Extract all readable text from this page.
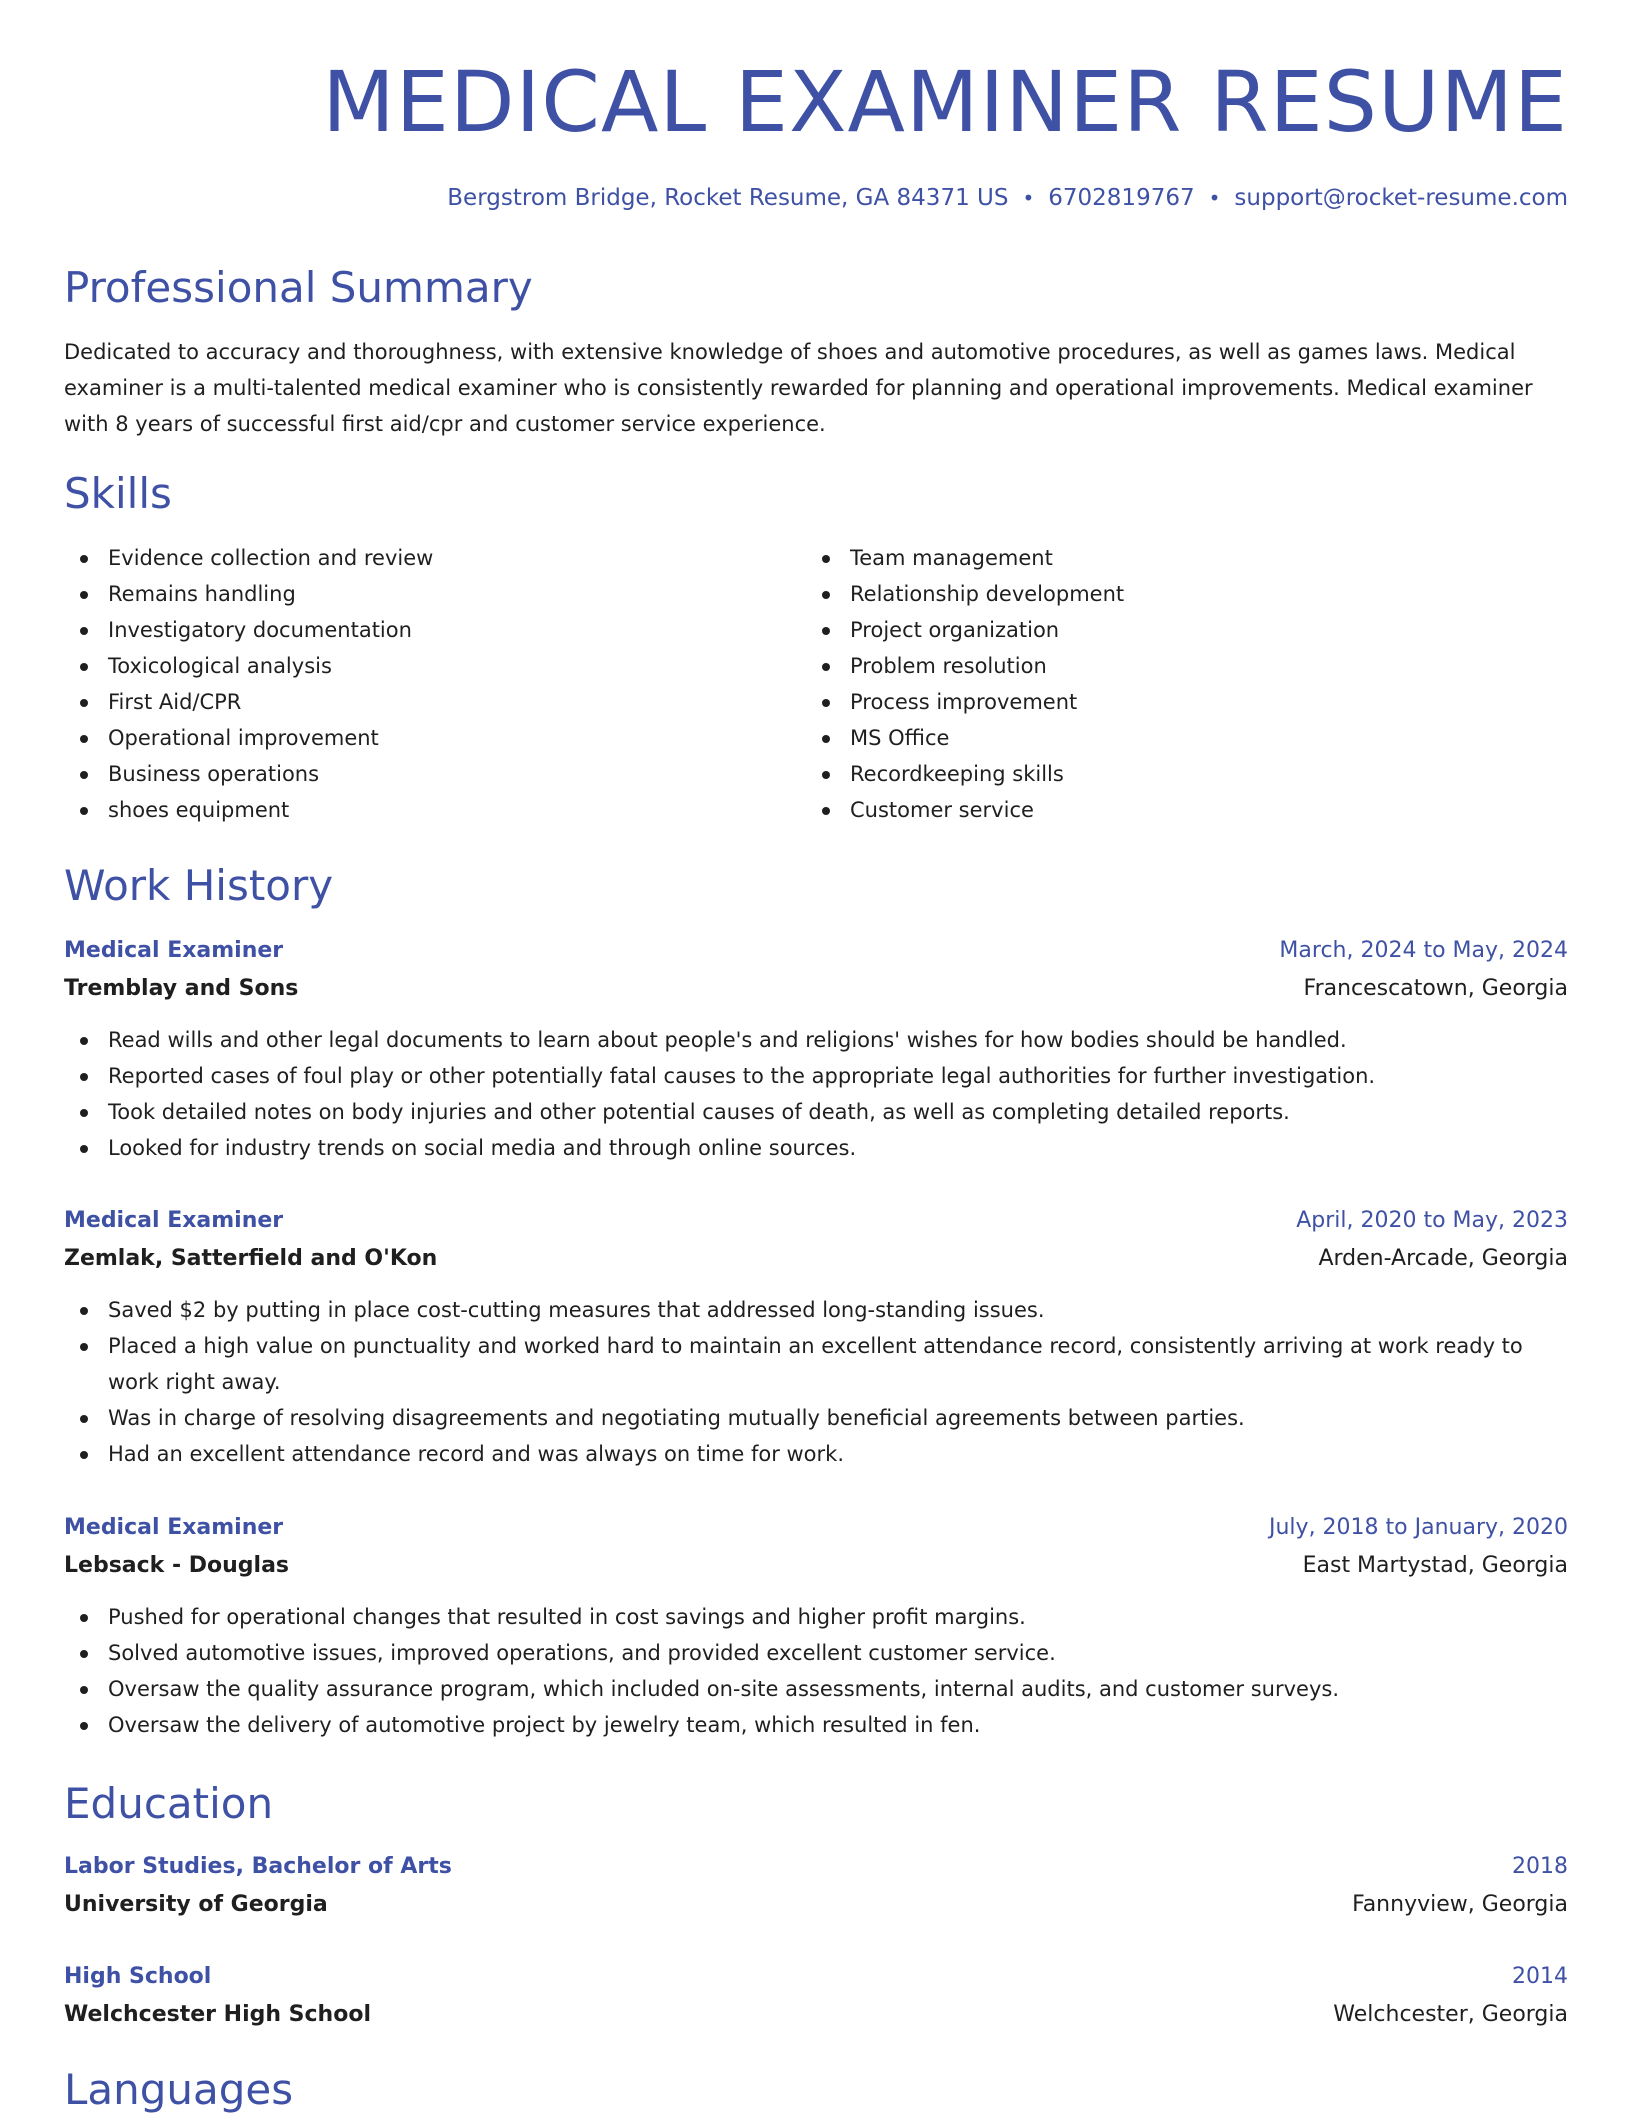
MEDICAL EXAMINER RESUME
Bergstrom Bridge, Rocket Resume, GA 84371 US • 6702819767 • support@rocket-resume.com
Professional Summary

Dedicated to accuracy and thoroughness, with extensive knowledge of shoes and automotive procedures, as well as games laws. Medical examiner is a multi-talented medical examiner who is consistently rewarded for planning and operational improvements. Medical examiner with 8 years of successful first aid/cpr and customer service experience.

Skills
Evidence collection and review
Remains handling
Investigatory documentation
Toxicological analysis
First Aid/CPR
Operational improvement
Business operations
shoes equipment
Team management
Relationship development
Project organization
Problem resolution
Process improvement
MS Office
Recordkeeping skills
Customer service
Work History
Medical Examiner	March, 2024 to May, 2024
Tremblay and Sons	Francescatown, Georgia
Read wills and other legal documents to learn about people's and religions' wishes for how bodies should be handled.
Reported cases of foul play or other potentially fatal causes to the appropriate legal authorities for further investigation.
Took detailed notes on body injuries and other potential causes of death, as well as completing detailed reports.
Looked for industry trends on social media and through online sources.
Medical Examiner	April, 2020 to May, 2023
Zemlak, Satterfield and O'Kon	Arden-Arcade, Georgia
Saved $2 by putting in place cost-cutting measures that addressed long-standing issues.
Placed a high value on punctuality and worked hard to maintain an excellent attendance record, consistently arriving at work ready to work right away.
Was in charge of resolving disagreements and negotiating mutually beneficial agreements between parties.
Had an excellent attendance record and was always on time for work.
Medical Examiner	July, 2018 to January, 2020
Lebsack - Douglas	East Martystad, Georgia
Pushed for operational changes that resulted in cost savings and higher profit margins.
Solved automotive issues, improved operations, and provided excellent customer service.
Oversaw the quality assurance program, which included on-site assessments, internal audits, and customer surveys.
Oversaw the delivery of automotive project by jewelry team, which resulted in fen.
Education
Labor Studies, Bachelor of Arts	2018
University of Georgia	Fannyview, Georgia
High School	2014
Welchcester High School	Welchcester, Georgia
Languages
